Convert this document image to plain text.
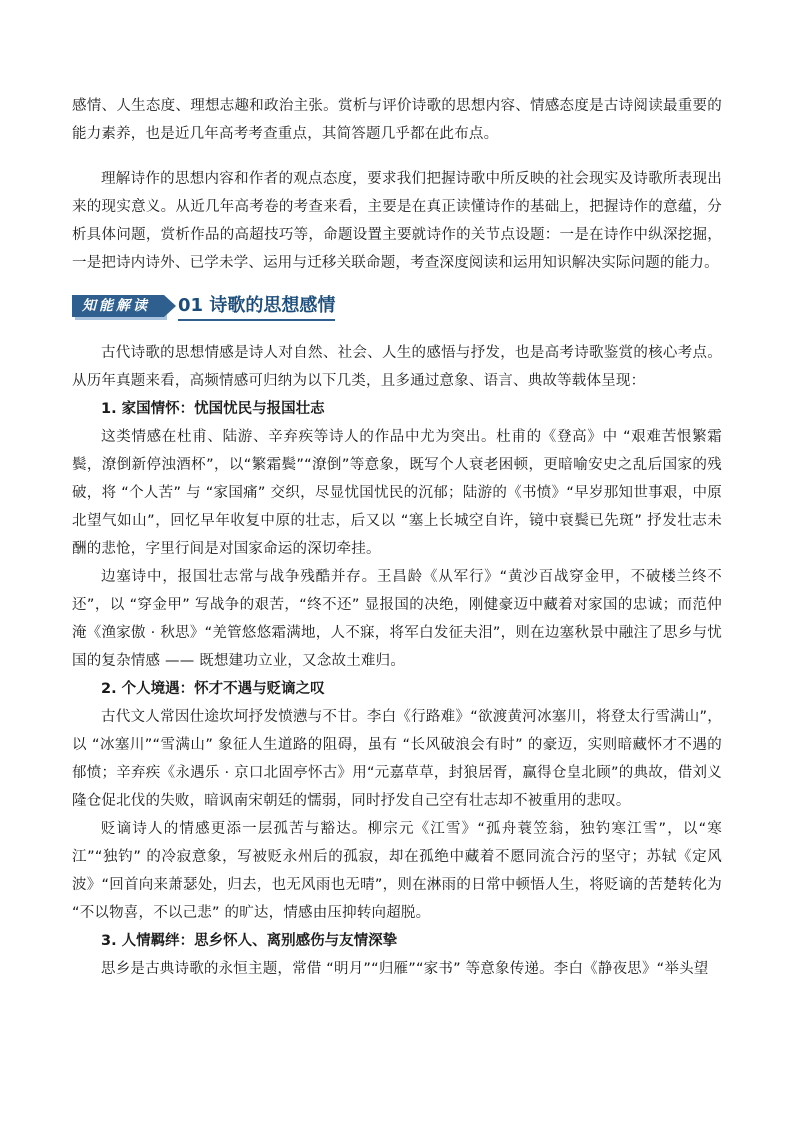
感情、人生态度、理想志趣和政治主张。赏析与评价诗歌的思想内容、情感态度是古诗阅读最重要的能力素养，也是近几年高考考查重点，其简答题几乎都在此布点。

理解诗作的思想内容和作者的观点态度，要求我们把握诗歌中所反映的社会现实及诗歌所表现出来的现实意义。从近几年高考卷的考查来看，主要是在真正读懂诗作的基础上，把握诗作的意蕴，分析具体问题，赏析作品的高超技巧等，命题设置主要就诗作的关节点设题：一是在诗作中纵深挖掘，一是把诗内诗外、已学未学、运用与迁移关联命题，考查深度阅读和运用知识解决实际问题的能力。

知能解读	01 诗歌的思想感情

古代诗歌的思想情感是诗人对自然、社会、人生的感悟与抒发，也是高考诗歌鉴赏的核心考点。从历年真题来看，高频情感可归纳为以下几类，且多通过意象、语言、典故等载体呈现：

1. 家国情怀：忧国忧民与报国壮志

这类情感在杜甫、陆游、辛弃疾等诗人的作品中尤为突出。杜甫的《登高》中 “艰难苦恨繁霜鬓，潦倒新停浊酒杯”，以“繁霜鬓”“潦倒”等意象，既写个人衰老困顿，更暗喻安史之乱后国家的残破，将 “个人苦” 与 “家国痛” 交织，尽显忧国忧民的沉郁；陆游的《书愤》“早岁那知世事艰，中原北望气如山”，回忆早年收复中原的壮志，后又以 “塞上长城空自许，镜中衰鬓已先斑” 抒发壮志未酬的悲怆，字里行间是对国家命运的深切牵挂。

边塞诗中，报国壮志常与战争残酷并存。王昌龄《从军行》“黄沙百战穿金甲，不破楼兰终不还”，以 “穿金甲” 写战争的艰苦，“终不还” 显报国的决绝，刚健豪迈中藏着对家国的忠诚；而范仲淹《渔家傲 · 秋思》“羌管悠悠霜满地，人不寐，将军白发征夫泪”，则在边塞秋景中融注了思乡与忧国的复杂情感 —— 既想建功立业，又念故土难归。

2. 个人境遇：怀才不遇与贬谪之叹

古代文人常因仕途坎坷抒发愤懑与不甘。李白《行路难》“欲渡黄河冰塞川，将登太行雪满山”，以 “冰塞川”“雪满山” 象征人生道路的阻碍，虽有 “长风破浪会有时” 的豪迈，实则暗藏怀才不遇的郁愤；辛弃疾《永遇乐 · 京口北固亭怀古》用“元嘉草草，封狼居胥，赢得仓皇北顾”的典故，借刘义隆仓促北伐的失败，暗讽南宋朝廷的懦弱，同时抒发自己空有壮志却不被重用的悲叹。

贬谪诗人的情感更添一层孤苦与豁达。柳宗元《江雪》“孤舟蓑笠翁，独钓寒江雪”，以“寒江”“独钓” 的冷寂意象，写被贬永州后的孤寂，却在孤绝中藏着不愿同流合污的坚守；苏轼《定风波》“回首向来萧瑟处，归去，也无风雨也无晴”，则在淋雨的日常中顿悟人生，将贬谪的苦楚转化为 “不以物喜，不以己悲” 的旷达，情感由压抑转向超脱。

3. 人情羁绊：思乡怀人、离别感伤与友情深挚

思乡是古典诗歌的永恒主题，常借 “明月”“归雁”“家书” 等意象传递。李白《静夜思》“举头望
